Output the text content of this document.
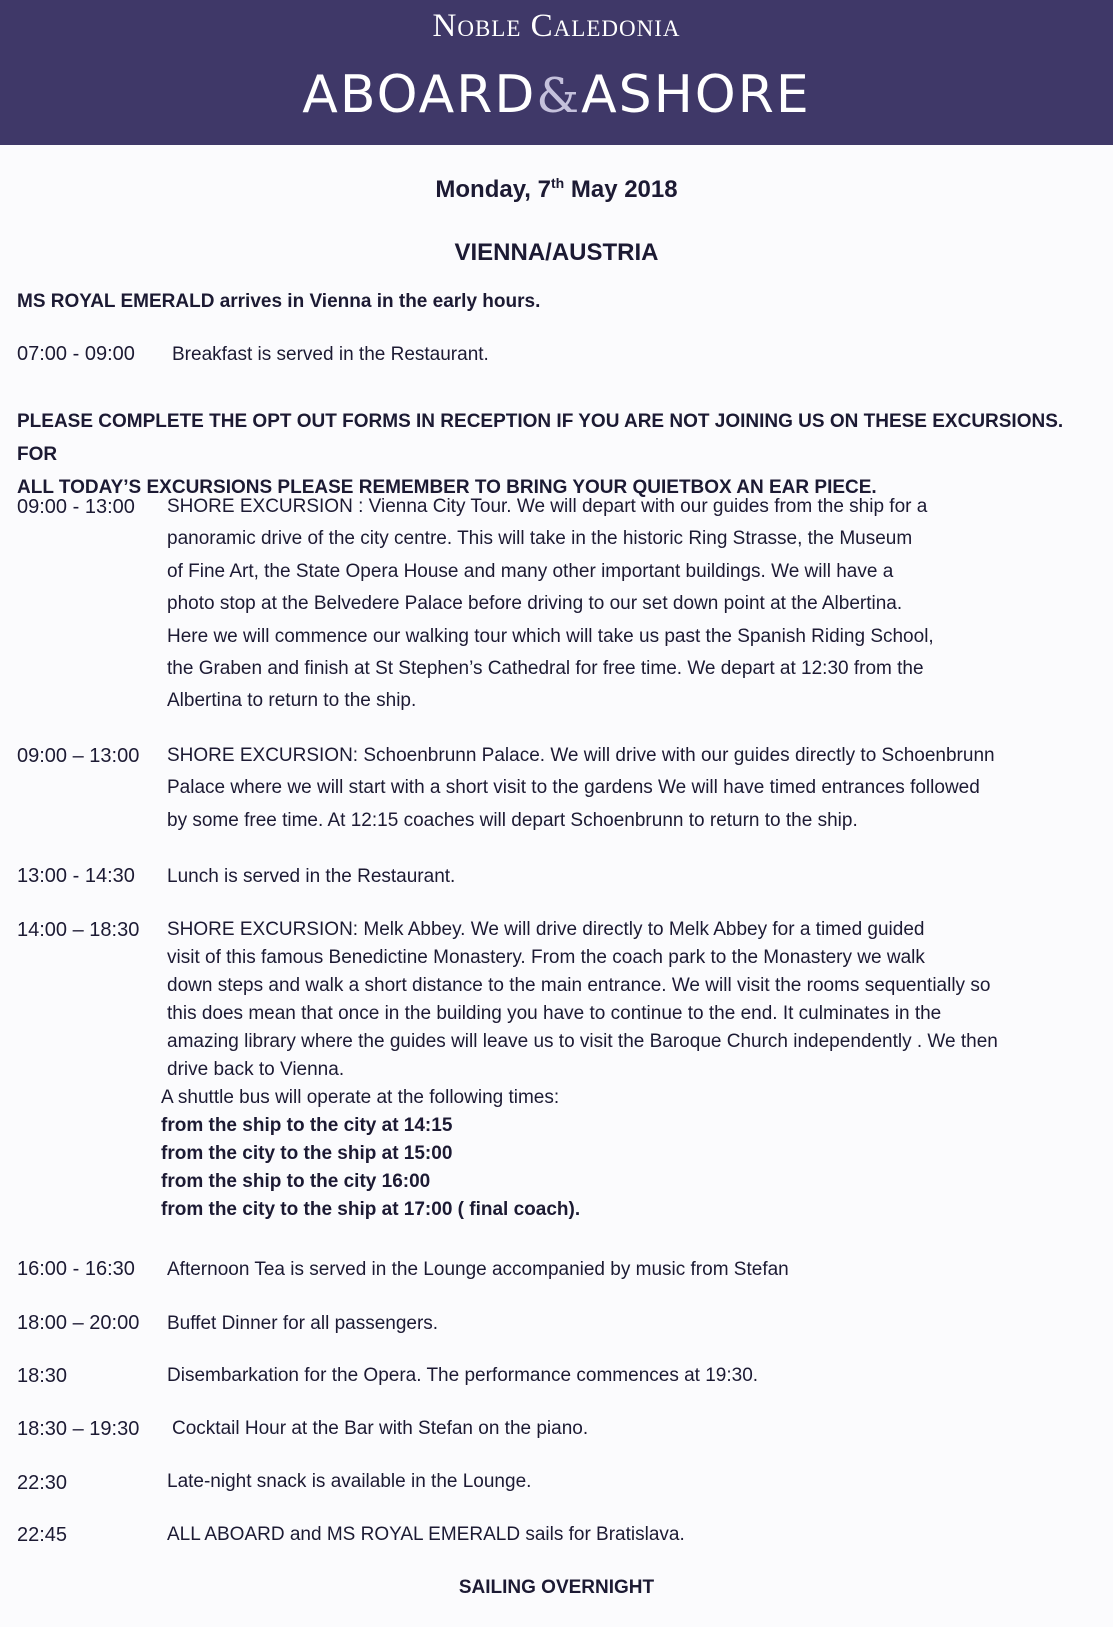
Noble Caledonia
ABOARD&ASHORE
Monday, 7th May 2018
VIENNA/AUSTRIA
MS ROYAL EMERALD arrives in Vienna in the early hours.
07:00 - 09:00 Breakfast is served in the Restaurant.
PLEASE COMPLETE THE OPT OUT FORMS IN RECEPTION IF YOU ARE NOT JOINING US ON THESE EXCURSIONS. FOR
ALL TODAY’S EXCURSIONS PLEASE REMEMBER TO BRING YOUR QUIETBOX AN EAR PIECE.
09:00 - 13:00 SHORE EXCURSION : Vienna City Tour. We will depart with our guides from the ship for a
panoramic drive of the city centre. This will take in the historic Ring Strasse, the Museum
of Fine Art, the State Opera House and many other important buildings. We will have a
photo stop at the Belvedere Palace before driving to our set down point at the Albertina.
Here we will commence our walking tour which will take us past the Spanish Riding School,
the Graben and finish at St Stephen’s Cathedral for free time. We depart at 12:30 from the
Albertina to return to the ship.
09:00 – 13:00 SHORE EXCURSION: Schoenbrunn Palace. We will drive with our guides directly to Schoenbrunn
Palace where we will start with a short visit to the gardens We will have timed entrances followed
by some free time. At 12:15 coaches will depart Schoenbrunn to return to the ship.
13:00 - 14:30 Lunch is served in the Restaurant.
14:00 – 18:30 SHORE EXCURSION: Melk Abbey. We will drive directly to Melk Abbey for a timed guided
visit of this famous Benedictine Monastery. From the coach park to the Monastery we walk
down steps and walk a short distance to the main entrance. We will visit the rooms sequentially so
this does mean that once in the building you have to continue to the end. It culminates in the
amazing library where the guides will leave us to visit the Baroque Church independently . We then
drive back to Vienna.
A shuttle bus will operate at the following times:
from the ship to the city at 14:15
from the city to the ship at 15:00
from the ship to the city 16:00
from the city to the ship at 17:00 ( final coach).
16:00 - 16:30 Afternoon Tea is served in the Lounge accompanied by music from Stefan
18:00 – 20:00 Buffet Dinner for all passengers.
18:30	Disembarkation for the Opera. The performance commences at 19:30.
18:30 – 19:30 Cocktail Hour at the Bar with Stefan on the piano.
22:30	Late-night snack is available in the Lounge.
22:45	ALL ABOARD and MS ROYAL EMERALD sails for Bratislava.
SAILING OVERNIGHT
